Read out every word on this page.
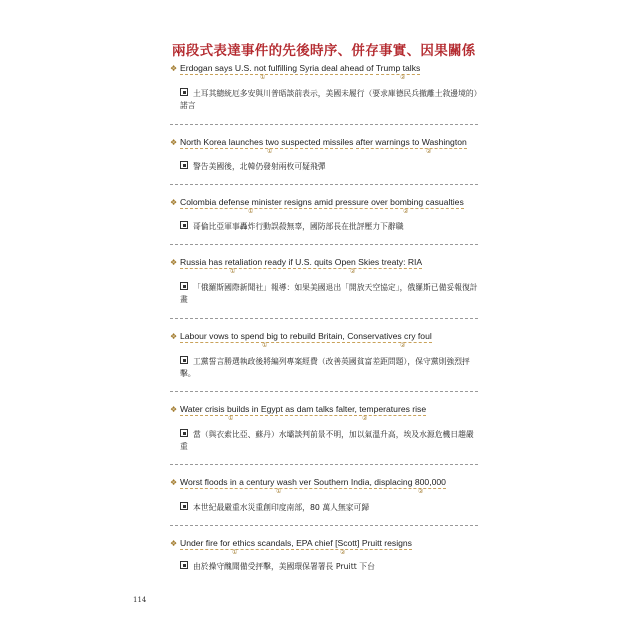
兩段式表達事件的先後時序、併存事實、因果關係
❖ Erdogan says U.S. not fulfilling Syria deal ahead of Trump talks
①	②
土耳其總統厄多安與川普晤談前表示，美國未履行（要求庫德民兵撤離土敘邊境的）諾言
❖ North Korea launches two suspected missiles after warnings to Washington
①	②
警告美國後，北韓仍發射兩枚可疑飛彈
❖ Colombia defense minister resigns amid pressure over bombing casualties
①	②
哥倫比亞軍事轟炸行動誤殺無辜，國防部長在批評壓力下辭職
❖ Russia has retaliation ready if U.S. quits Open Skies treaty: RIA
①	②
「俄羅斯國際新聞社」報導：如果美國退出「開放天空協定」，俄羅斯已備妥報復計畫
❖ Labour vows to spend big to rebuild Britain, Conservatives cry foul
①	②
工黨誓言勝選執政後將編列專案經費（改善英國貧富差距問題），保守黨則強烈抨擊。
❖ Water crisis builds in Egypt as dam talks falter, temperatures rise
①	②
當（與衣索比亞、蘇丹）水壩談判前景不明，加以氣溫升高，埃及水源危機日趨嚴重
❖ Worst floods in a century wash ver Southern India, displacing 800,000
①	②
本世紀最嚴重水災重創印度南部，80 萬人無家可歸
❖ Under fire for ethics scandals, EPA chief [Scott] Pruitt resigns
①	②
由於操守醜聞備受抨擊，美國環保署署長 Pruitt 下台
114
